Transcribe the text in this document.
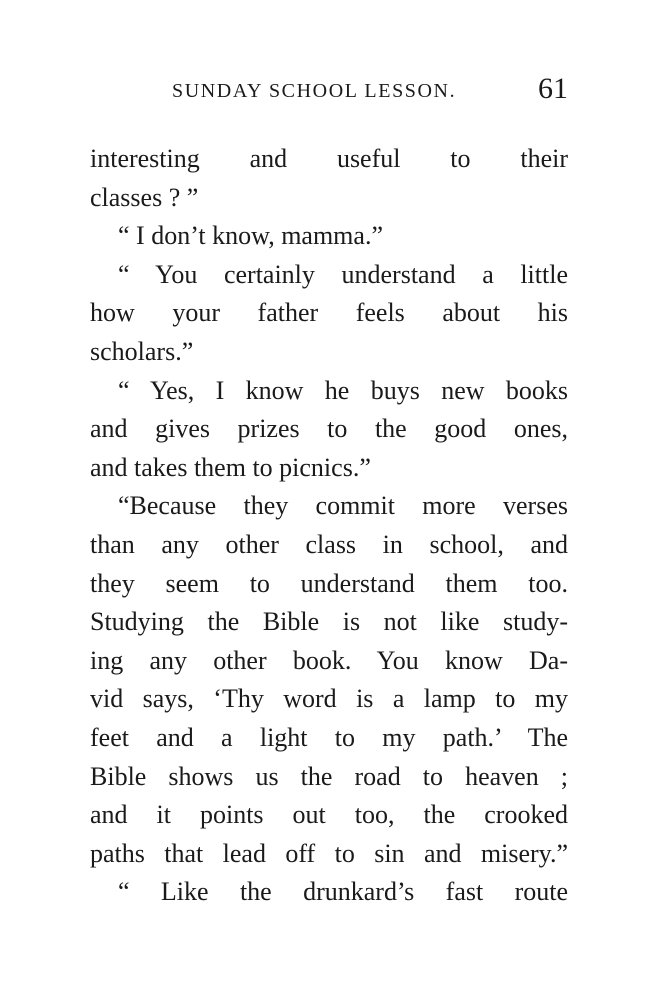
SUNDAY SCHOOL LESSON.	61
interesting and useful to their
classes ? ”
“ I don’t know, mamma.”
“ You certainly understand a little
how your father feels about his
scholars.”
“ Yes, I know he buys new books
and gives prizes to the good ones,
and takes them to picnics.”
“Because they commit more verses
than any other class in school, and
they seem to understand them too.
Studying the Bible is not like study-
ing any other book. You know Da-
vid says, ‘Thy word is a lamp to my
feet and a light to my path.’ The
Bible shows us the road to heaven ;
and it points out too, the crooked
paths that lead off to sin and misery.”
“ Like the drunkard’s fast route
